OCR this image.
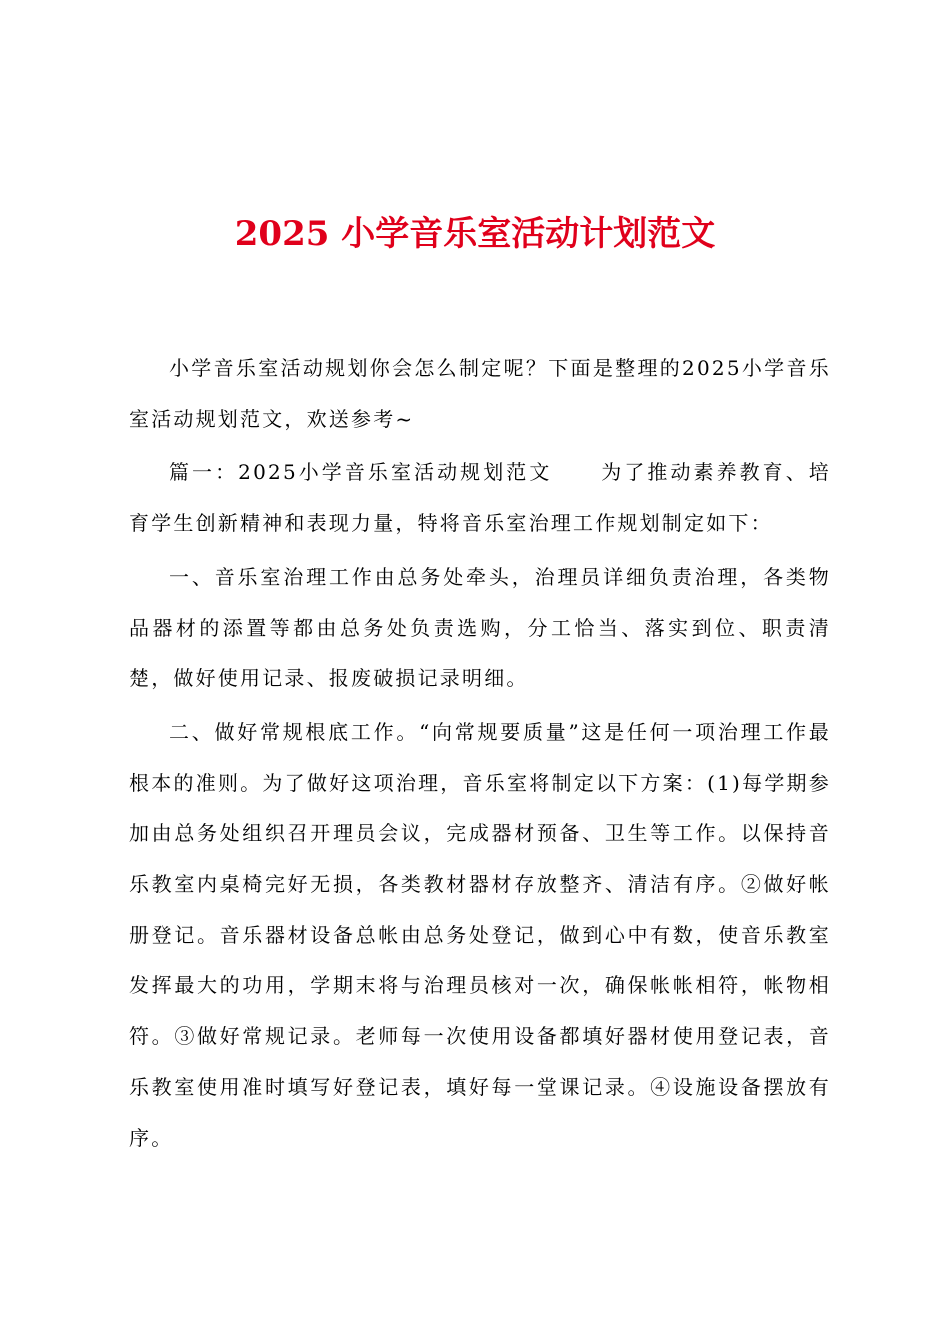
2025 小学音乐室活动计划范文

小学音乐室活动规划你会怎么制定呢？下面是整理的2025小学音乐室活动规划范文，欢送参考~

篇一：2025小学音乐室活动规划范文 为了推动素养教育、培育学生创新精神和表现力量，特将音乐室治理工作规划制定如下：

一、音乐室治理工作由总务处牵头，治理员详细负责治理，各类物品器材的添置等都由总务处负责选购，分工恰当、落实到位、职责清楚，做好使用记录、报废破损记录明细。

二、做好常规根底工作。“向常规要质量”这是任何一项治理工作最根本的准则。为了做好这项治理，音乐室将制定以下方案：(1)每学期参加由总务处组织召开理员会议，完成器材预备、卫生等工作。以保持音乐教室内桌椅完好无损，各类教材器材存放整齐、清洁有序。②做好帐册登记。音乐器材设备总帐由总务处登记，做到心中有数，使音乐教室发挥最大的功用，学期末将与治理员核对一次，确保帐帐相符，帐物相符。③做好常规记录。老师每一次使用设备都填好器材使用登记表，音乐教室使用准时填写好登记表，填好每一堂课记录。④设施设备摆放有序。
